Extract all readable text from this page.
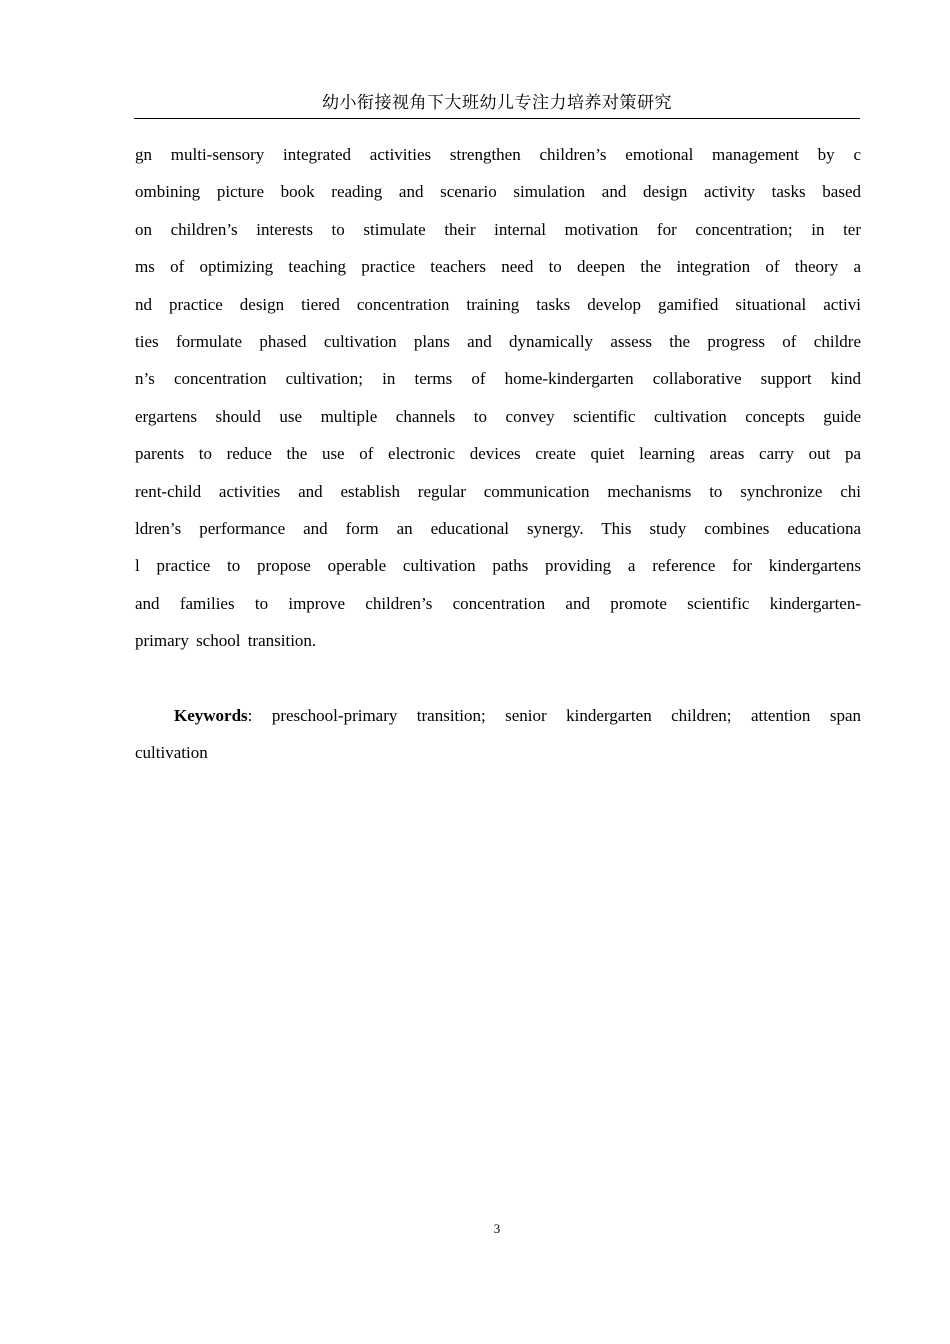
幼小衔接视角下大班幼儿专注力培养对策研究
gn multi-sensory integrated activities strengthen children’s emotional management by c
ombining picture book reading and scenario simulation and design activity tasks based
on children’s interests to stimulate their internal motivation for concentration; in ter
ms of optimizing teaching practice teachers need to deepen the integration of theory a
nd practice design tiered concentration training tasks develop gamified situational activi
ties formulate phased cultivation plans and dynamically assess the progress of childre
n’s concentration cultivation; in terms of home-kindergarten collaborative support kind
ergartens should use multiple channels to convey scientific cultivation concepts guide
parents to reduce the use of electronic devices create quiet learning areas carry out pa
rent-child activities and establish regular communication mechanisms to synchronize chi
ldren’s performance and form an educational synergy. This study combines educationa
l practice to propose operable cultivation paths providing a reference for kindergartens
and families to improve children’s concentration and promote scientific kindergarten-
primary school transition.
Keywords: preschool-primary transition; senior kindergarten children; attention span
cultivation
3
